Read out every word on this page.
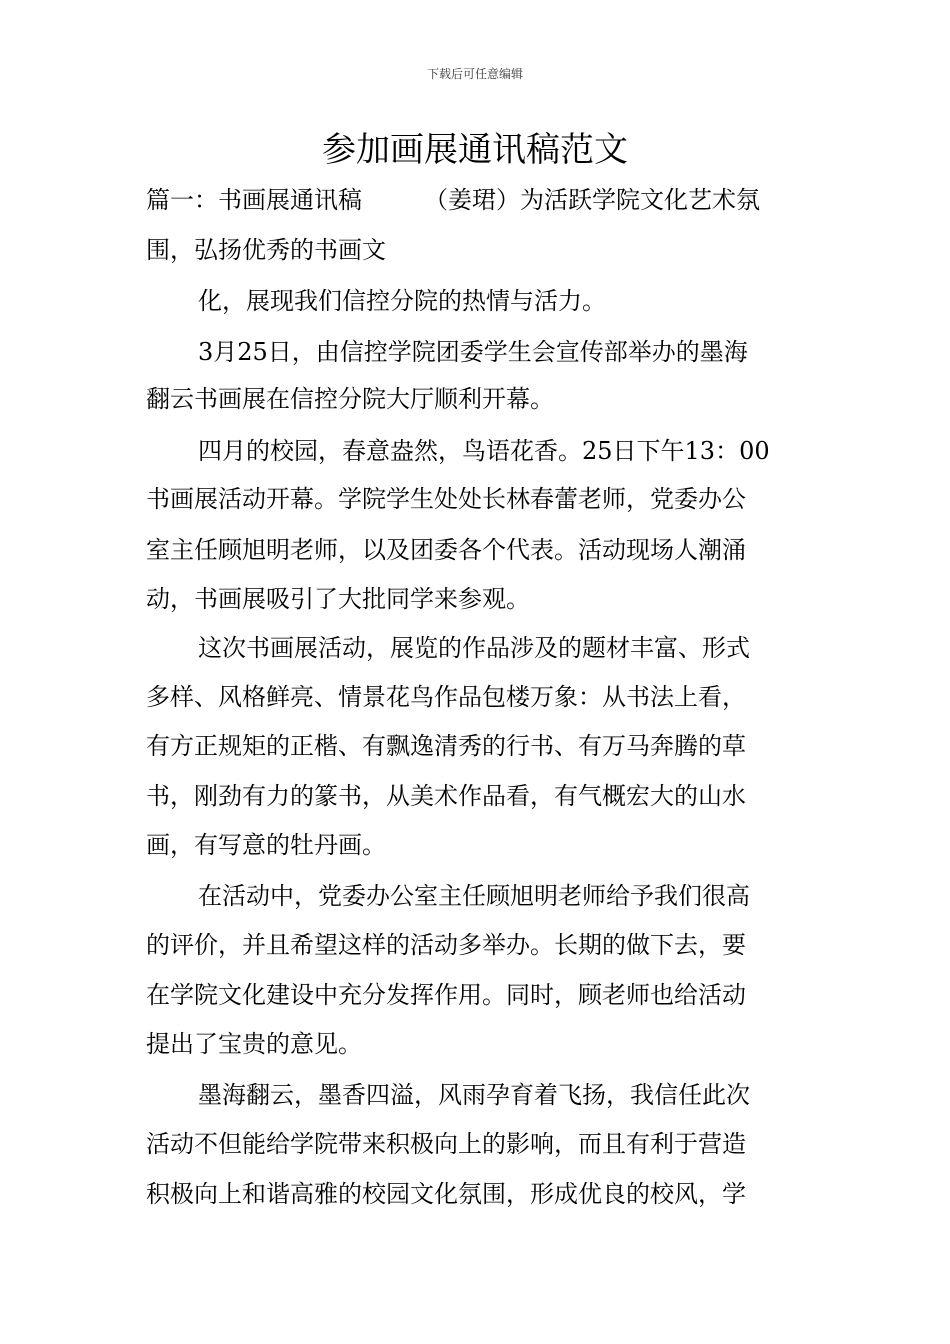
下载后可任意编辑
参加画展通讯稿范文
篇一：书画展通讯稿	（姜珺）为活跃学院文化艺术氛
围，弘扬优秀的书画文
化，展现我们信控分院的热情与活力。
3月25日，由信控学院团委学生会宣传部举办的墨海
翻云书画展在信控分院大厅顺利开幕。
四月的校园，春意盎然，鸟语花香。25日下午13：00
书画展活动开幕。学院学生处处长林春蕾老师，党委办公
室主任顾旭明老师，以及团委各个代表。活动现场人潮涌
动，书画展吸引了大批同学来参观。
这次书画展活动，展览的作品涉及的题材丰富、形式
多样、风格鲜亮、情景花鸟作品包楼万象：从书法上看，
有方正规矩的正楷、有飘逸清秀的行书、有万马奔腾的草
书，刚劲有力的篆书，从美术作品看，有气概宏大的山水
画，有写意的牡丹画。
在活动中，党委办公室主任顾旭明老师给予我们很高
的评价，并且希望这样的活动多举办。长期的做下去，要
在学院文化建设中充分发挥作用。同时，顾老师也给活动
提出了宝贵的意见。
墨海翻云，墨香四溢，风雨孕育着飞扬，我信任此次
活动不但能给学院带来积极向上的影响，而且有利于营造
积极向上和谐高雅的校园文化氛围，形成优良的校风，学
